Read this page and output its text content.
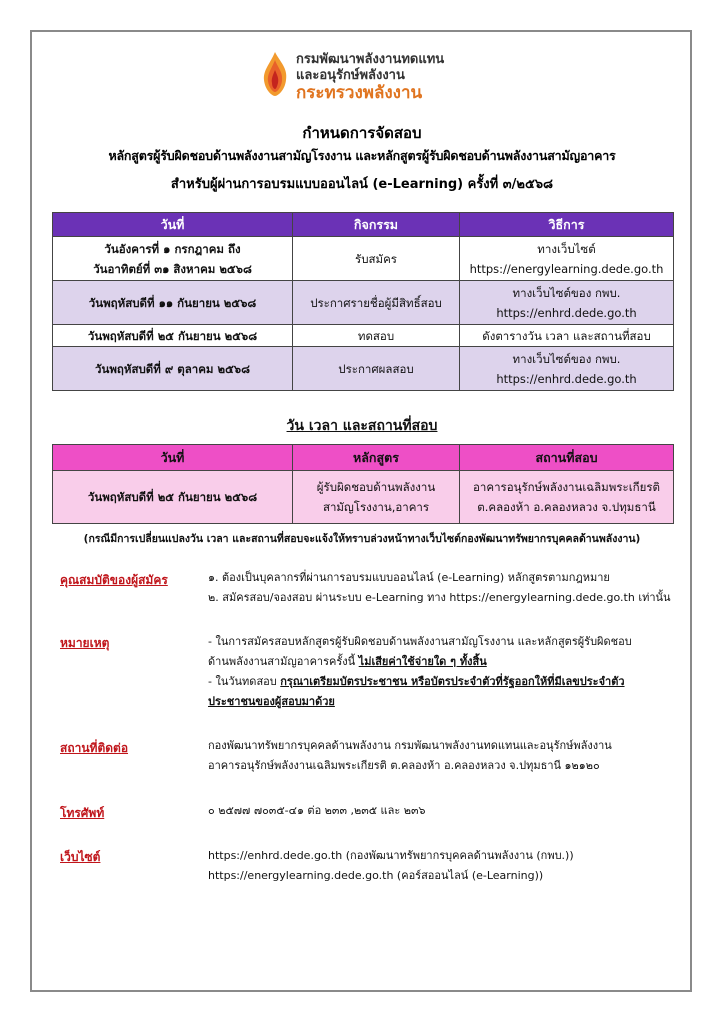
กรมพัฒนาพลังงานทดแทน
และอนุรักษ์พลังงาน
กระทรวงพลังงาน
กำหนดการจัดสอบ
หลักสูตรผู้รับผิดชอบด้านพลังงานสามัญโรงงาน และหลักสูตรผู้รับผิดชอบด้านพลังงานสามัญอาคาร
สำหรับผู้ผ่านการอบรมแบบออนไลน์ (e-Learning) ครั้งที่ ๓/๒๕๖๘
วันที่	กิจกรรม	วิธีการ
วันอังคารที่ ๑ กรกฎาคม ถึง
วันอาทิตย์ที่ ๓๑ สิงหาคม ๒๕๖๘	รับสมัคร	ทางเว็บไซต์
https://energylearning.dede.go.th
วันพฤหัสบดีที่ ๑๑ กันยายน ๒๕๖๘	ประกาศรายชื่อผู้มีสิทธิ์สอบ	ทางเว็บไซต์ของ กพบ.
https://enhrd.dede.go.th
วันพฤหัสบดีที่ ๒๕ กันยายน ๒๕๖๘	ทดสอบ	ดังตารางวัน เวลา และสถานที่สอบ
วันพฤหัสบดีที่ ๙ ตุลาคม ๒๕๖๘	ประกาศผลสอบ	ทางเว็บไซต์ของ กพบ.
https://enhrd.dede.go.th
วัน เวลา และสถานที่สอบ
วันที่	หลักสูตร	สถานที่สอบ
วันพฤหัสบดีที่ ๒๕ กันยายน ๒๕๖๘	ผู้รับผิดชอบด้านพลังงาน
สามัญโรงงาน,อาคาร	อาคารอนุรักษ์พลังงานเฉลิมพระเกียรติ
ต.คลองห้า อ.คลองหลวง จ.ปทุมธานี
(กรณีมีการเปลี่ยนแปลงวัน เวลา และสถานที่สอบจะแจ้งให้ทราบล่วงหน้าทางเว็บไซต์กองพัฒนาทรัพยากรบุคคลด้านพลังงาน)
คุณสมบัติของผู้สมัคร	๑. ต้องเป็นบุคลากรที่ผ่านการอบรมแบบออนไลน์ (e-Learning) หลักสูตรตามกฎหมาย

๒. สมัครสอบ/จองสอบ ผ่านระบบ e-Learning ทาง https://energylearning.dede.go.th เท่านั้น

หมายเหตุ	- ในการสมัครสอบหลักสูตรผู้รับผิดชอบด้านพลังงานสามัญโรงงาน และหลักสูตรผู้รับผิดชอบ

ด้านพลังงานสามัญอาคารครั้งนี้ ไม่เสียค่าใช้จ่ายใด ๆ ทั้งสิ้น

- ในวันทดสอบ กรุณาเตรียมบัตรประชาชน หรือบัตรประจำตัวที่รัฐออกให้ที่มีเลขประจำตัว

ประชาชนของผู้สอบมาด้วย

สถานที่ติดต่อ	กองพัฒนาทรัพยากรบุคคลด้านพลังงาน กรมพัฒนาพลังงานทดแทนและอนุรักษ์พลังงาน

อาคารอนุรักษ์พลังงานเฉลิมพระเกียรติ ต.คลองห้า อ.คลองหลวง จ.ปทุมธานี ๑๒๑๒๐

โทรศัพท์	๐ ๒๕๗๗ ๗๐๓๕-๔๑ ต่อ ๒๓๓ ,๒๓๕ และ ๒๓๖

เว็บไซต์	https://enhrd.dede.go.th (กองพัฒนาทรัพยากรบุคคลด้านพลังงาน (กพบ.))

https://energylearning.dede.go.th (คอร์สออนไลน์ (e-Learning))
